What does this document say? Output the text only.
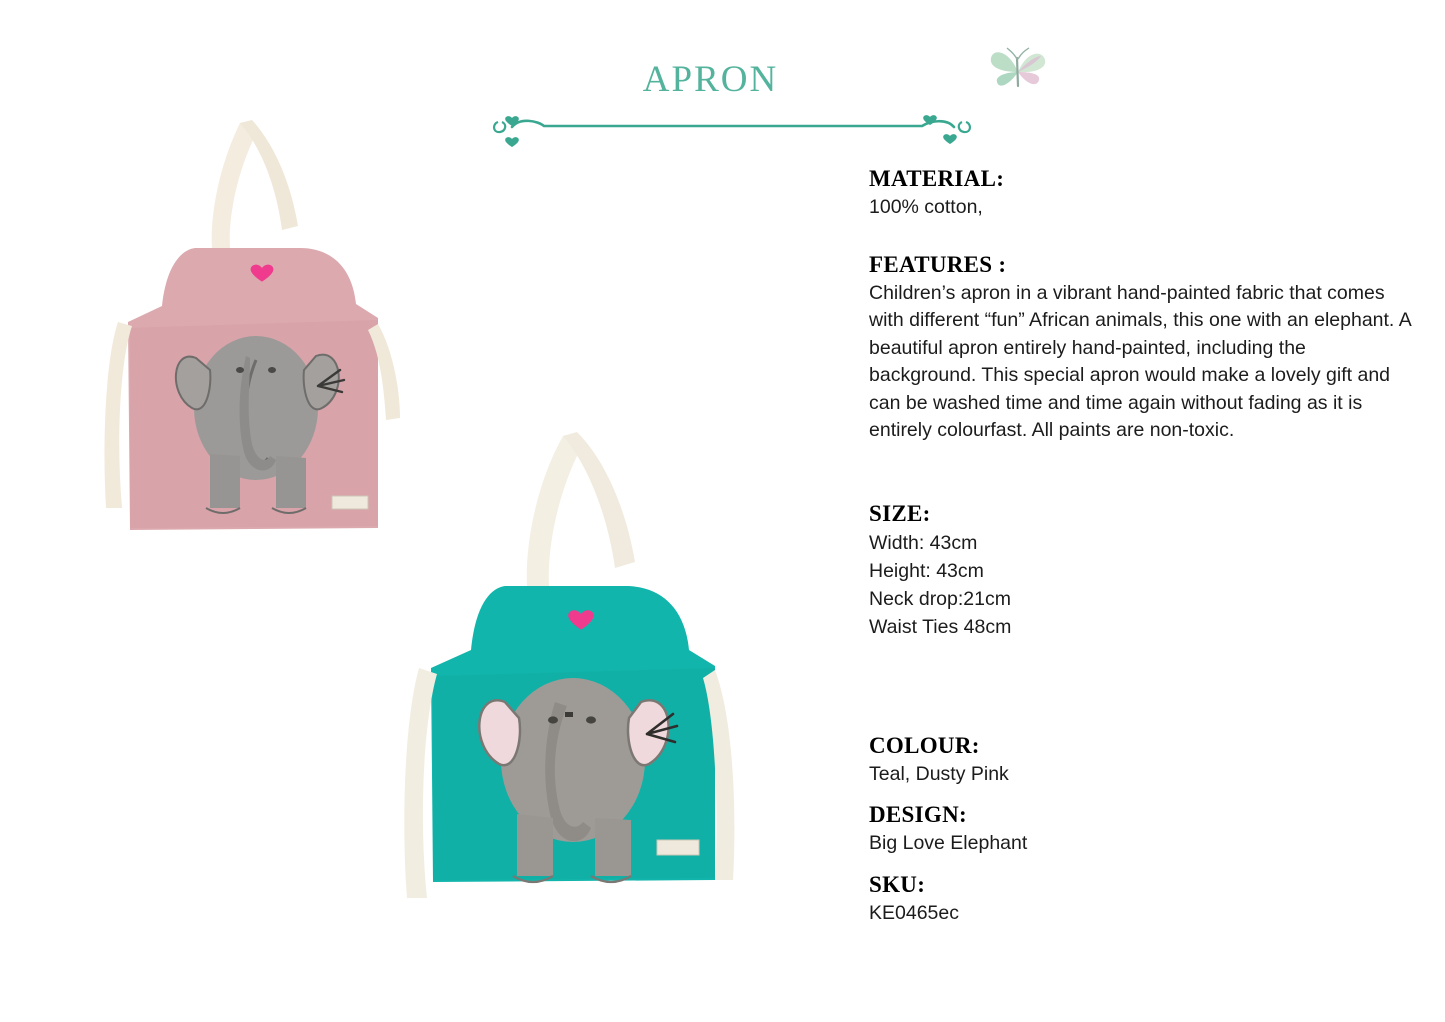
APRON
MATERIAL:

100% cotton,

FEATURES :

Children’s apron in a vibrant hand-painted fabric that comes with different “fun” African animals, this one with an elephant. A beautiful apron entirely hand-painted, including the background. This special apron would make a lovely gift and can be washed time and time again without fading as it is entirely colourfast. All paints are non-toxic.

SIZE:
Width: 43cm
Height: 43cm
Neck drop:21cm
Waist Ties 48cm
COLOUR:

Teal, Dusty Pink

DESIGN:

Big Love Elephant

SKU:

KE0465ec
